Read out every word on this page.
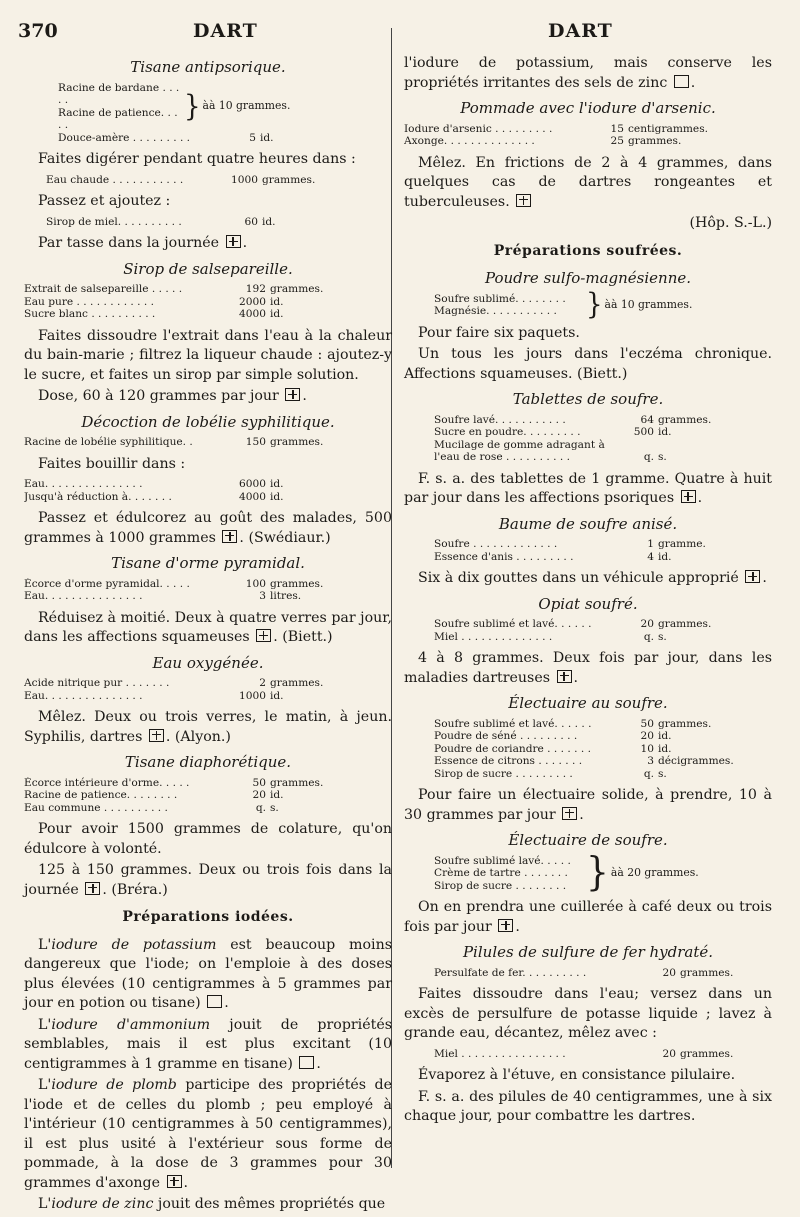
370	DART	DART
Tisane antipsorique.
Racine de bardane . . . . .
Racine de patience. . . . .
} àà 10 grammes.
Douce-amère . . . . . . . . .	5 id.
Faites digérer pendant quatre heures dans :
Eau chaude . . . . . . . . . . .	1000 grammes.
Passez et ajoutez :
Sirop de miel. . . . . . . . . .	60 id.
Par tasse dans la journée .
Sirop de salsepareille.
Extrait de salsepareille . . . . .	192 grammes.
Eau pure . . . . . . . . . . . .	2000 id.
Sucre blanc . . . . . . . . . .	4000 id.
Faites dissoudre l'extrait dans l'eau à la chaleur du bain-marie ; filtrez la liqueur chaude : ajoutez-y le sucre, et faites un sirop par simple solution.
Dose, 60 à 120 grammes par jour .
Décoction de lobélie syphilitique.
Racine de lobélie syphilitique. .	150 grammes.
Faites bouillir dans :
Eau. . . . . . . . . . . . . . .	6000 id.
Jusqu'à réduction à. . . . . . .	4000 id.
Passez et édulcorez au goût des malades, 500 grammes à 1000 grammes . (Swédiaur.)
Tisane d'orme pyramidal.
Écorce d'orme pyramidal. . . . .	100 grammes.
Eau. . . . . . . . . . . . . . .	3 litres.
Réduisez à moitié. Deux à quatre verres par jour, dans les affections squameuses . (Biett.)
Eau oxygénée.
Acide nitrique pur . . . . . . .	2 grammes.
Eau. . . . . . . . . . . . . . .	1000 id.
Mêlez. Deux ou trois verres, le matin, à jeun. Syphilis, dartres . (Alyon.)
Tisane diaphorétique.
Écorce intérieure d'orme. . . . .	50 grammes.
Racine de patience. . . . . . . .	20 id.
Eau commune . . . . . . . . . .	q. s.
Pour avoir 1500 grammes de colature, qu'on édulcore à volonté.
125 à 150 grammes. Deux ou trois fois dans la journée . (Bréra.)
Préparations iodées.
L'iodure de potassium est beaucoup moins dangereux que l'iode; on l'emploie à des doses plus élevées (10 centigrammes à 5 grammes par jour en potion ou tisane) .
L'iodure d'ammonium jouit de propriétés semblables, mais il est plus excitant (10 centigrammes à 1 gramme en tisane) .
L'iodure de plomb participe des propriétés de l'iode et de celles du plomb ; peu employé à l'intérieur (10 centigrammes à 50 centigrammes), il est plus usité à l'extérieur sous forme de pommade, à la dose de 3 grammes pour 30 grammes d'axonge .
L'iodure de zinc jouit des mêmes propriétés que
l'iodure de potassium, mais conserve les propriétés irritantes des sels de zinc .
Pommade avec l'iodure d'arsenic.
Iodure d'arsenic . . . . . . . . .	15 centigrammes.
Axonge. . . . . . . . . . . . . .	25 grammes.
Mêlez. En frictions de 2 à 4 grammes, dans quelques cas de dartres rongeantes et tuberculeuses.
(Hôp. S.-L.)
Préparations soufrées.
Poudre sulfo-magnésienne.
Soufre sublimé. . . . . . . .
Magnésie. . . . . . . . . . .	} àà 10 grammes.
Pour faire six paquets.
Un tous les jours dans l'eczéma chronique. Affections squameuses. (Biett.)
Tablettes de soufre.
Soufre lavé. . . . . . . . . . .	64 grammes.
Sucre en poudre. . . . . . . . .	500 id.
Mucilage de gomme adragant à
l'eau de rose . . . . . . . . . .	q. s.
F. s. a. des tablettes de 1 gramme. Quatre à huit par jour dans les affections psoriques .
Baume de soufre anisé.
Soufre . . . . . . . . . . . . .	1 gramme.
Essence d'anis . . . . . . . . .	4 id.
Six à dix gouttes dans un véhicule approprié .
Opiat soufré.
Soufre sublimé et lavé. . . . . .	20 grammes.
Miel . . . . . . . . . . . . . .	q. s.
4 à 8 grammes. Deux fois par jour, dans les maladies dartreuses .
Électuaire au soufre.
Soufre sublimé et lavé. . . . . .	50 grammes.
Poudre de séné . . . . . . . . .	20 id.
Poudre de coriandre . . . . . . .	10 id.
Essence de citrons . . . . . . .	3 décigrammes.
Sirop de sucre . . . . . . . . .	q. s.
Pour faire un électuaire solide, à prendre, 10 à 30 grammes par jour .
Électuaire de soufre.
Soufre sublimé lavé. . . . .
Crème de tartre . . . . . . .
Sirop de sucre . . . . . . . . } àà 20 grammes.
On en prendra une cuillerée à café deux ou trois fois par jour .
Pilules de sulfure de fer hydraté.
Persulfate de fer. . . . . . . . . .	20 grammes.
Faites dissoudre dans l'eau; versez dans un excès de persulfure de potasse liquide ; lavez à grande eau, décantez, mêlez avec :
Miel . . . . . . . . . . . . . . . .	20 grammes.
Évaporez à l'étuve, en consistance pilulaire.
F. s. a. des pilules de 40 centigrammes, une à six chaque jour, pour combattre les dartres.
